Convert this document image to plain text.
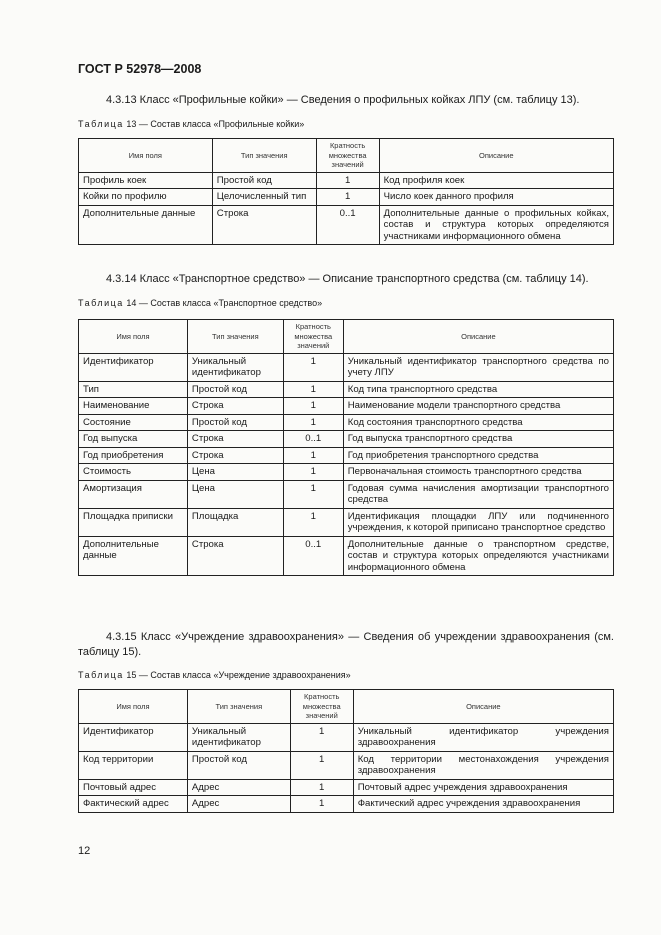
ГОСТ Р 52978—2008
4.3.13 Класс «Профильные койки» — Сведения о профильных койках ЛПУ (см. таблицу 13).
Таблица 13 — Состав класса «Профильные койки»
Имя поля	Тип значения	Кратность множества значений	Описание
Профиль коек	Простой код	1	Код профиля коек
Койки по профилю	Целочисленный тип	1	Число коек данного профиля
Дополнительные данные	Строка	0..1	Дополнительные данные о профильных койках, состав и структура которых определяются участниками информационного обмена
4.3.14 Класс «Транспортное средство» — Описание транспортного средства (см. таблицу 14).
Таблица 14 — Состав класса «Транспортное средство»
Имя поля	Тип значения	Кратность множества значений	Описание
Идентификатор	Уникальный идентификатор	1	Уникальный идентификатор транспортного средства по учету ЛПУ
Тип	Простой код	1	Код типа транспортного средства
Наименование	Строка	1	Наименование модели транспортного средства
Состояние	Простой код	1	Код состояния транспортного средства
Год выпуска	Строка	0..1	Год выпуска транспортного средства
Год приобретения	Строка	1	Год приобретения транспортного средства
Стоимость	Цена	1	Первоначальная стоимость транспортного средства
Амортизация	Цена	1	Годовая сумма начисления амортизации транспортного средства
Площадка приписки	Площадка	1	Идентификация площадки ЛПУ или подчиненного учреждения, к которой приписано транспортное средство
Дополнительные данные	Строка	0..1	Дополнительные данные о транспортном средстве, состав и структура которых определяются участниками информационного обмена
4.3.15 Класс «Учреждение здравоохранения» — Сведения об учреждении здравоохранения (см. таблицу 15).
Таблица 15 — Состав класса «Учреждение здравоохранения»
Имя поля	Тип значения	Кратность множества значений	Описание
Идентификатор	Уникальный идентификатор	1	Уникальный идентификатор учреждения здравоохранения
Код территории	Простой код	1	Код территории местонахождения учреждения здравоохранения
Почтовый адрес	Адрес	1	Почтовый адрес учреждения здравоохранения
Фактический адрес	Адрес	1	Фактический адрес учреждения здравоохранения
12
